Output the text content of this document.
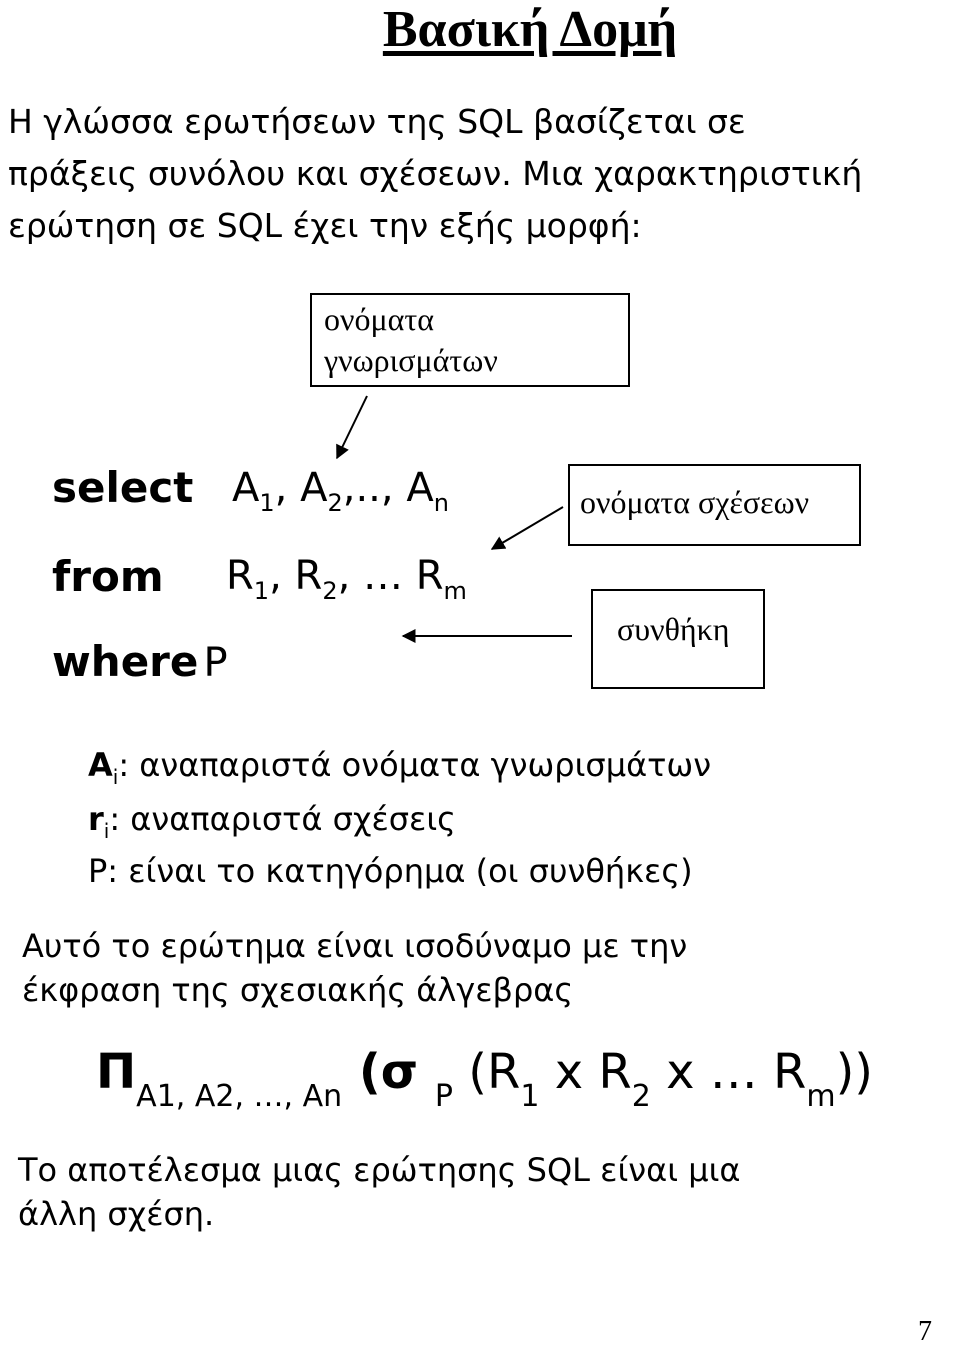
Βασική Δομή
Η γλώσσα ερωτήσεων της SQL βασίζεται σε
πράξεις συνόλου και σχέσεων. Μια χαρακτηριστική
ερώτηση σε SQL έχει την εξής μορφή:
ονόματα
γνωρισμάτων
ονόματα σχέσεων
συνθήκη
select $A_1$, $A_2$,.., $A_n$
from $R_1$, $R_2$, … $R_m$
where P
$A_i$: αναπαριστά ονόματα γνωρισμάτων
$r_i$: αναπαριστά σχέσεις
P: είναι το κατηγόρημα (οι συνθήκες)
Αυτό το ερώτημα είναι ισοδύναμο με την
έκφραση της σχεσιακής άλγεβρας
$\Pi_{A1, A2, \dots, An}$ (σ $_P$ ($R_1$ x $R_2$ x … $R_m$))
Το αποτέλεσμα μιας ερώτησης SQL είναι μια
άλλη σχέση.
7
